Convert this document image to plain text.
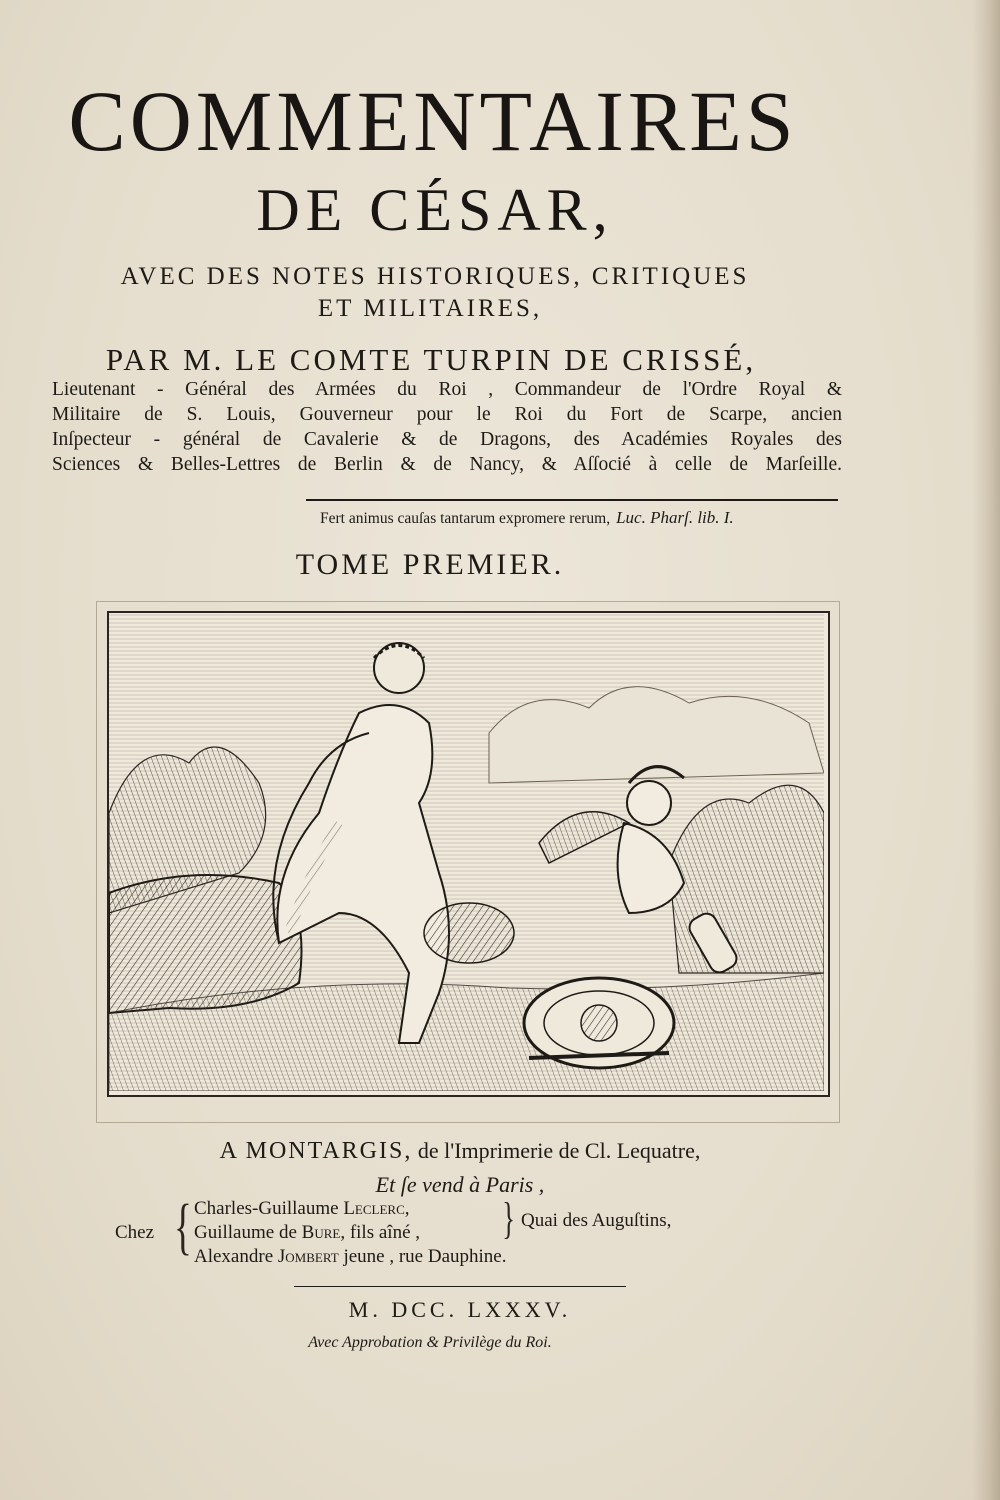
COMMENTAIRES
DE CÉSAR,
AVEC DES NOTES HISTORIQUES, CRITIQUES
ET MILITAIRES,
PAR M. LE COMTE TURPIN DE CRISSÉ,
Lieutenant - Général des Armées du Roi , Commandeur de l'Ordre Royal &
Militaire de S. Louis, Gouverneur pour le Roi du Fort de Scarpe, ancien
Inſpecteur - général de Cavalerie & de Dragons, des Académies Royales des
Sciences & Belles-Lettres de Berlin & de Nancy, & Aſſocié à celle de Marſeille.
Fert animus cauſas tantarum expromere rerum, Luc. Pharſ. lib. I.
TOME PREMIER.
A MONTARGIS, de l'Imprimerie de Cl. Lequatre,
Et ſe vend à Paris ,
Chez { Charles-Guillaume Leclerc,
Guillaume de Bure, fils aîné ,
Alexandre Jombert jeune , rue Dauphine.
} Quai des Auguſtins,
M. DCC. LXXXV.
Avec Approbation & Privilège du Roi.
